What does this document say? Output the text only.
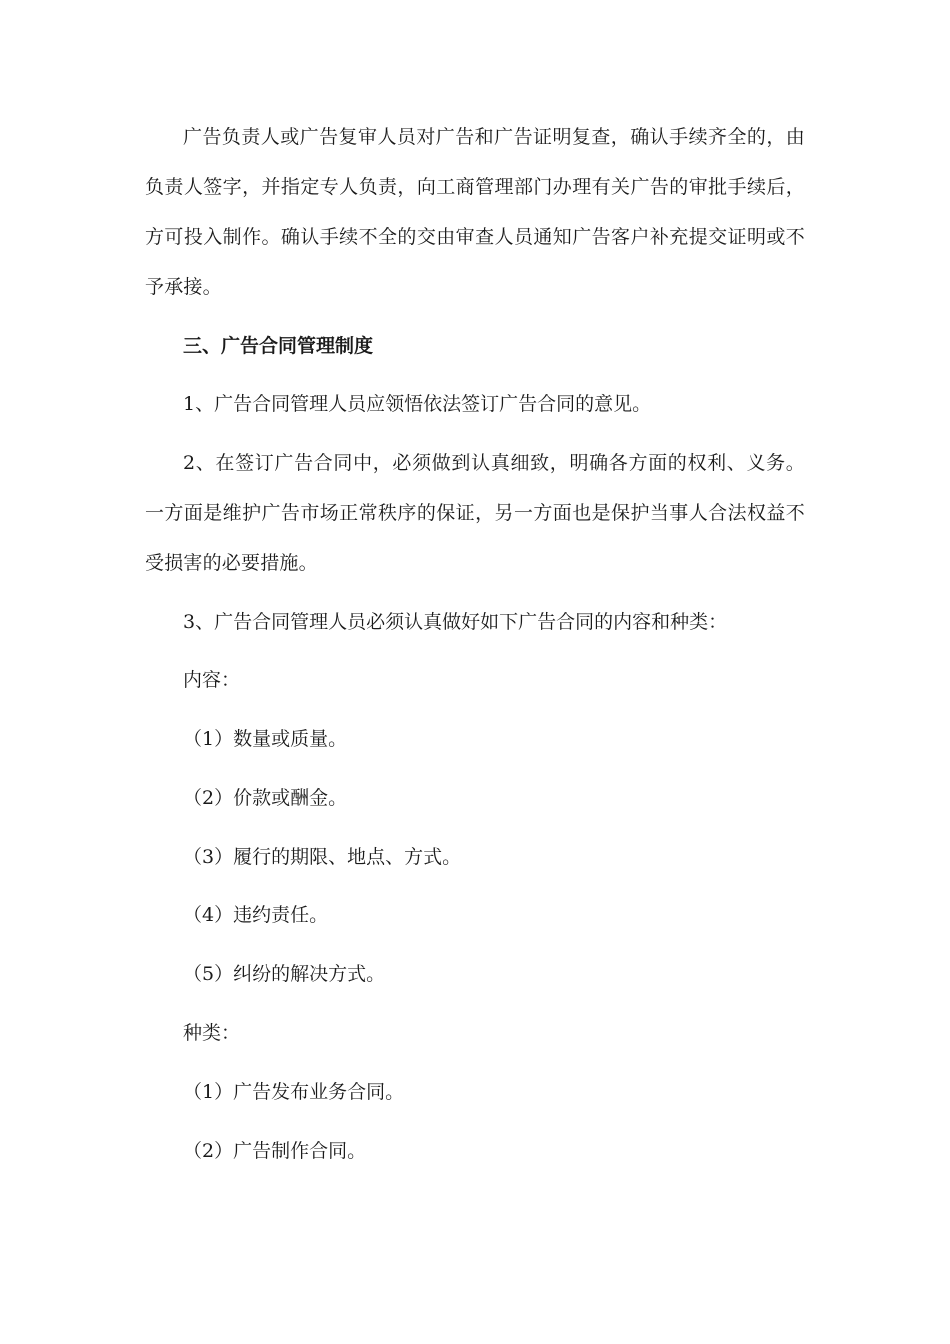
广告负责人或广告复审人员对广告和广告证明复查，确认手续齐全的，由负责人签字，并指定专人负责，向工商管理部门办理有关广告的审批手续后，方可投入制作。确认手续不全的交由审查人员通知广告客户补充提交证明或不予承接。

三、广告合同管理制度
1、广告合同管理人员应领悟依法签订广告合同的意见。

2、在签订广告合同中，必须做到认真细致，明确各方面的权利、义务。一方面是维护广告市场正常秩序的保证，另一方面也是保护当事人合法权益不受损害的必要措施。

3、广告合同管理人员必须认真做好如下广告合同的内容和种类：
内容：
（1）数量或质量。
（2）价款或酬金。
（3）履行的期限、地点、方式。
（4）违约责任。
（5）纠纷的解决方式。
种类：
（1）广告发布业务合同。
（2）广告制作合同。
